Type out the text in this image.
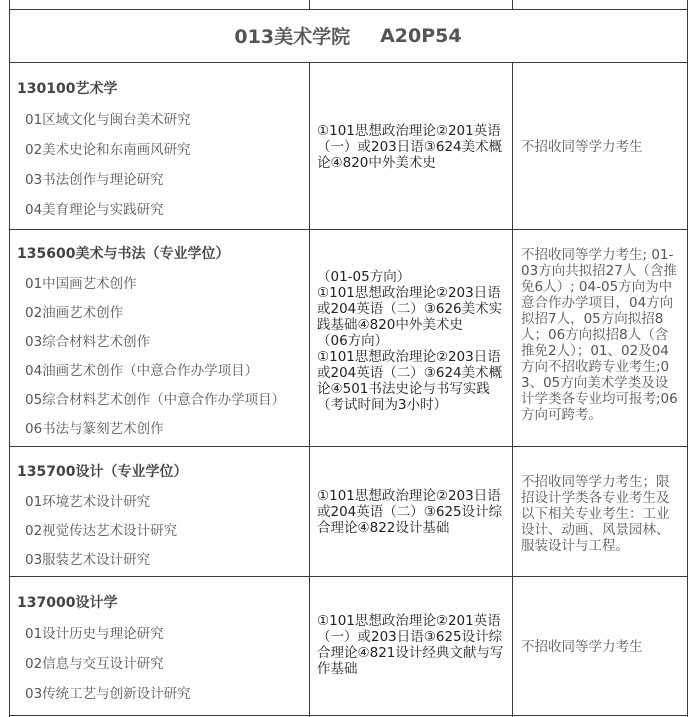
013美术学院 A20P54
130100艺术学
01区域文化与闽台美术研究
02美术史论和东南画风研究
03书法创作与理论研究
04美育理论与实践研究
①101思想政治理论②201英语（一）或203日语③624美术概论④820中外美术史
不招收同等学力考生
135600美术与书法（专业学位）
01中国画艺术创作
02油画艺术创作
03综合材料艺术创作
04油画艺术创作（中意合作办学项目）
05综合材料艺术创作（中意合作办学项目）
06书法与篆刻艺术创作
（01-05方向）
①101思想政治理论②203日语或204英语（二）③626美术实践基础④820中外美术史
（06方向）
①101思想政治理论②203日语或204英语（二）③624美术概论④501书法史论与书写实践（考试时间为3小时）
不招收同等学力考生; 01-03方向共拟招27人（含推免6人）; 04-05方向为中意合作办学项目，04方向拟招7人，05方向拟招8人；06方向拟招8人（含推免2人）；01、02及04方向不招收跨专业考生;03、05方向美术学类及设计学类各专业均可报考;06方向可跨考。
135700设计（专业学位）
01环境艺术设计研究
02视觉传达艺术设计研究
03服装艺术设计研究
①101思想政治理论②203日语或204英语（二）③625设计综合理论④822设计基础
不招收同等学力考生；限招设计学类各专业考生及以下相关专业考生：工业设计、动画、风景园林、服装设计与工程。
137000设计学
01设计历史与理论研究
02信息与交互设计研究
03传统工艺与创新设计研究
①101思想政治理论②201英语（一）或203日语③625设计综合理论④821设计经典文献与写作基础
不招收同等学力考生
